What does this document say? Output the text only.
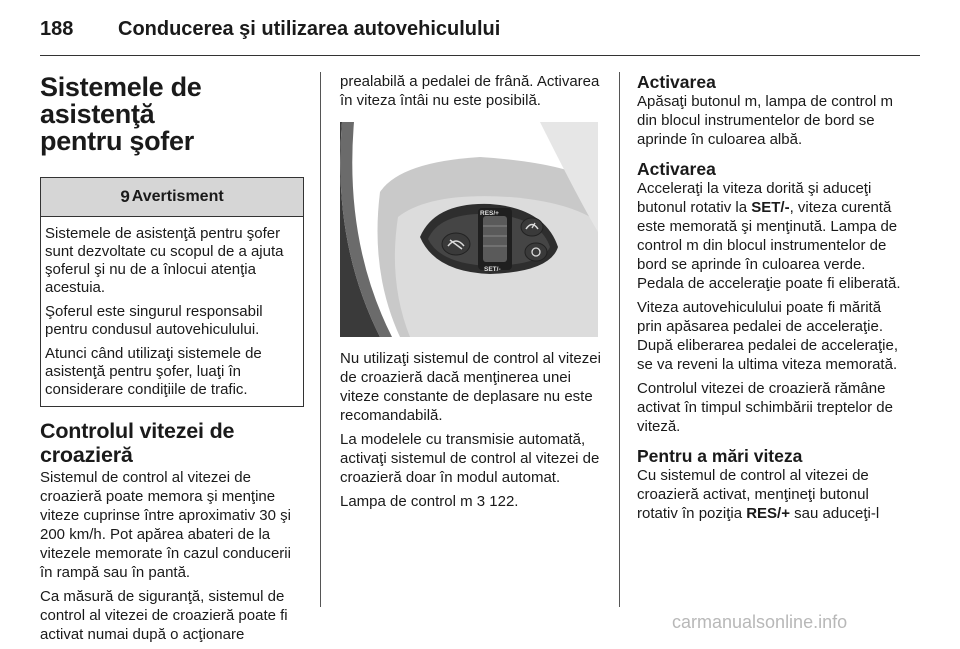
188 Conducerea şi utilizarea autovehiculului
Sistemele de asistenţă
pentru şofer
9 Avertisment

Sistemele de asistenţă pentru şofer sunt dezvoltate cu scopul de a ajuta şoferul şi nu de a înlocui atenţia acestuia.

Şoferul este singurul responsabil pentru condusul autovehiculului.

Atunci când utilizaţi sistemele de asistenţă pentru şofer, luaţi în considerare condiţiile de trafic.

Controlul vitezei de croazieră

Sistemul de control al vitezei de croazieră poate memora şi menţine viteze cuprinse între aproximativ 30 şi 200 km/h. Pot apărea abateri de la vitezele memorate în cazul conducerii în rampă sau în pantă.

Ca măsură de siguranţă, sistemul de control al vitezei de croazieră poate fi activat numai după o acţionare

prealabilă a pedalei de frână. Activarea în viteza întâi nu este posibilă.

RES/+
SET/-

Nu utilizaţi sistemul de control al vitezei de croazieră dacă menţinerea unei viteze constante de deplasare nu este recomandabilă.

La modelele cu transmisie automată, activaţi sistemul de control al vitezei de croazieră doar în modul automat.

Lampa de control m 3 122.

Activarea

Apăsaţi butonul m, lampa de control m din blocul instrumentelor de bord se aprinde în culoarea albă.

Activarea

Acceleraţi la viteza dorită şi aduceţi butonul rotativ la SET/-, viteza curentă este memorată şi menţinută. Lampa de control m din blocul instrumentelor de bord se aprinde în culoarea verde. Pedala de acceleraţie poate fi eliberată.

Viteza autovehiculului poate fi mărită prin apăsarea pedalei de acceleraţie. După eliberarea pedalei de acceleraţie, se va reveni la ultima viteza memorată.

Controlul vitezei de croazieră rămâne activat în timpul schimbării treptelor de viteză.

Pentru a mări viteza

Cu sistemul de control al vitezei de croazieră activat, menţineţi butonul rotativ în poziţia RES/+ sau aduceţi-l

carmanualsonline.info
